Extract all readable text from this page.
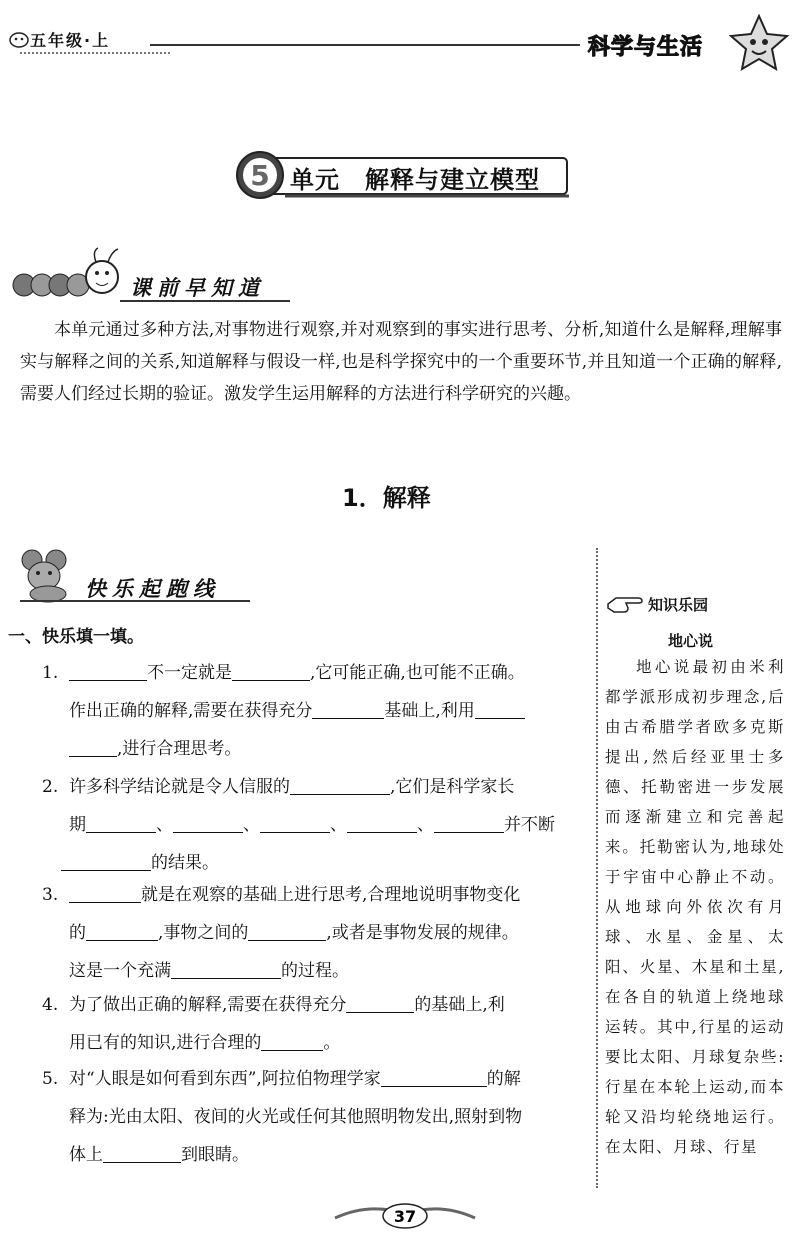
五年级·上	科学与生活
5 单元　解释与建立模型
课前早知道
本单元通过多种方法,对事物进行观察,并对观察到的事实进行思考、分析,知道什么是解释,理解事实与解释之间的关系,知道解释与假设一样,也是科学探究中的一个重要环节,并且知道一个正确的解释,需要人们经过长期的验证。激发学生运用解释的方法进行科学研究的兴趣。
1．解释
快乐起跑线
一、快乐填一填。
1.	不一定就是	,它可能正确,也可能不正确。
作出正确的解释,需要在获得充分	基础上,利用
,进行合理思考。
2. 许多科学结论就是令人信服的	,它们是科学家长
期	、	、	、	、	并不断
的结果。
3.	就是在观察的基础上进行思考,合理地说明事物变化
的	,事物之间的	,或者是事物发展的规律。
这是一个充满	的过程。
4. 为了做出正确的解释,需要在获得充分	的基础上,利
用已有的知识,进行合理的	。
5. 对“人眼是如何看到东西”,阿拉伯物理学家	的解
释为:光由太阳、夜间的火光或任何其他照明物发出,照射到物
体上	到眼睛。
知识乐园
地心说
地心说最初由米利都学派形成初步理念,后由古希腊学者欧多克斯提出,然后经亚里士多德、托勒密进一步发展而逐渐建立和完善起来。托勒密认为,地球处于宇宙中心静止不动。从地球向外依次有月球、水星、金星、太阳、火星、木星和土星,在各自的轨道上绕地球运转。其中,行星的运动要比太阳、月球复杂些:行星在本轮上运动,而本轮又沿均轮绕地运行。在太阳、月球、行星
37
